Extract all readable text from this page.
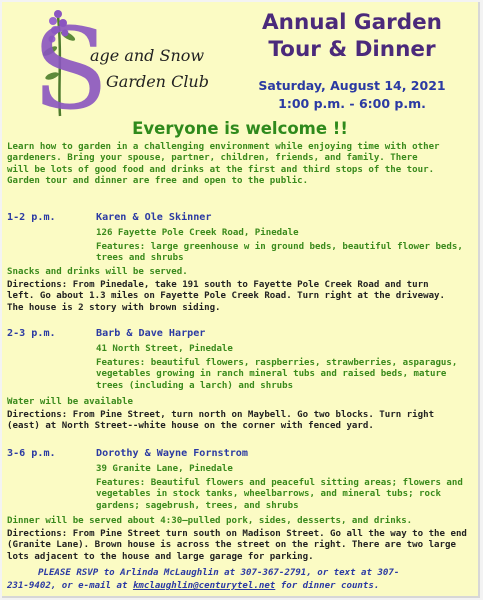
S
age and Snow
Garden Club
Annual Garden
Tour & Dinner
Saturday, August 14, 2021
1:00 p.m. - 6:00 p.m.
Everyone is welcome !!
Learn how to garden in a challenging environment while enjoying time with other
gardeners. Bring your spouse, partner, children, friends, and family. There
will be lots of good food and drinks at the first and third stops of the tour.
Garden tour and dinner are free and open to the public.
1-2 p.m.	Karen & Ole Skinner
126 Fayette Pole Creek Road, Pinedale
Features: large greenhouse w in ground beds, beautiful flower beds,
trees and shrubs
Snacks and drinks will be served.
Directions: From Pinedale, take 191 south to Fayette Pole Creek Road and turn
left. Go about 1.3 miles on Fayette Pole Creek Road. Turn right at the driveway.
The house is 2 story with brown siding.
2-3 p.m.	Barb & Dave Harper
41 North Street, Pinedale
Features: beautiful flowers, raspberries, strawberries, asparagus,
vegetables growing in ranch mineral tubs and raised beds, mature
trees (including a larch) and shrubs
Water will be available
Directions: From Pine Street, turn north on Maybell. Go two blocks. Turn right
(east) at North Street--white house on the corner with fenced yard.
3-6 p.m.	Dorothy & Wayne Fornstrom
39 Granite Lane, Pinedale
Features: Beautiful flowers and peaceful sitting areas; flowers and
vegetables in stock tanks, wheelbarrows, and mineral tubs; rock
gardens; sagebrush, trees, and shrubs
Dinner will be served about 4:30—pulled pork, sides, desserts, and drinks.
Directions: From Pine Street turn south on Madison Street. Go all the way to the end
(Granite Lane). Brown house is across the street on the right. There are two large
lots adjacent to the house and large garage for parking.
PLEASE RSVP to Arlinda McLaughlin at 307-367-2791, or text at 307-
231-9402, or e-mail at kmclaughlin@centurytel.net for dinner counts.
